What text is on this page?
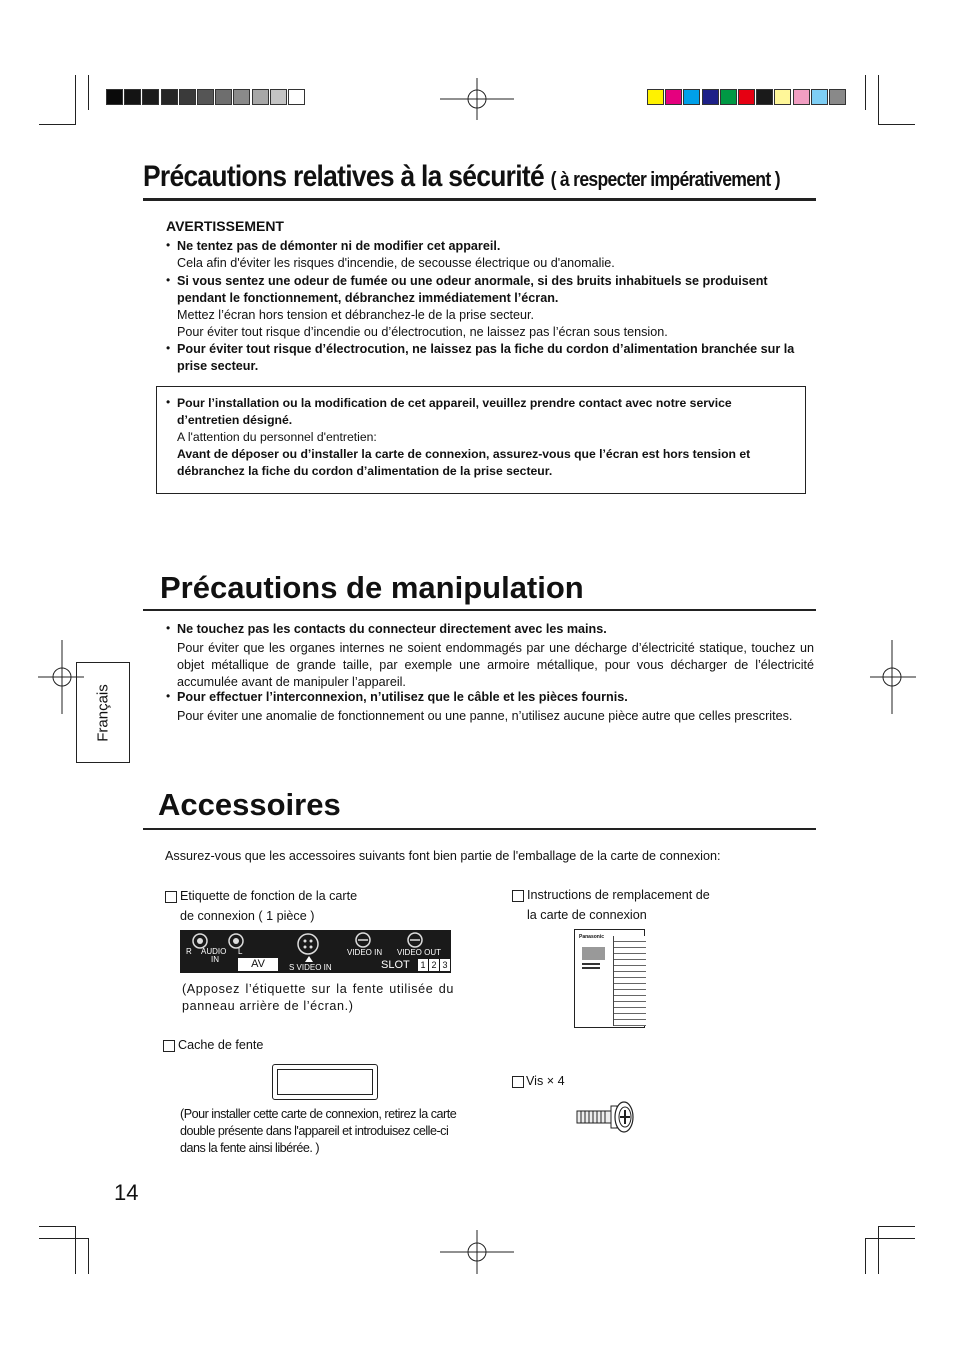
Précautions relatives à la sécurité ( à respecter impérativement )
AVERTISSEMENT
• Ne tentez pas de démonter ni de modifier cet appareil.
Cela afin d'éviter les risques d'incendie, de secousse électrique ou d'anomalie.
• Si vous sentez une odeur de fumée ou une odeur anormale, si des bruits inhabituels se produisent pendant le fonctionnement, débranchez immédiatement l’écran.
Mettez l’écran hors tension et débranchez-le de la prise secteur.
Pour éviter tout risque d’incendie ou d’électrocution, ne laissez pas l’écran sous tension.
• Pour éviter tout risque d’électrocution, ne laissez pas la fiche du cordon d’alimentation branchée sur la prise secteur.
• Pour l’installation ou la modification de cet appareil, veuillez prendre contact avec notre service d’entretien désigné.
A l'attention du personnel d'entretien:
Avant de déposer ou d’installer la carte de connexion, assurez-vous que l’écran est hors tension et débranchez la fiche du cordon d’alimentation de la prise secteur.
Français
Précautions de manipulation
• Ne touchez pas les contacts du connecteur directement avec les mains.
Pour éviter que les organes internes ne soient endommagés par une décharge d’électricité statique, touchez un objet métallique de grande taille, par exemple une armoire métallique, pour vous décharger de l’électricité accumulée avant de manipuler l’appareil.
• Pour effectuer l’interconnexion, n’utilisez que le câble et les pièces fournis.
Pour éviter une anomalie de fonctionnement ou une panne, n’utilisez aucune pièce autre que celles prescrites.
Accessoires
Assurez-vous que les accessoires suivants font bien partie de l'emballage de la carte de connexion:
Etiquette de fonction de la carte
de connexion ( 1 pièce )
R AUDIO L
IN	AV	S VIDEO IN
VIDEO IN VIDEO OUT
SLOT 1 2 3
(Apposez l’étiquette sur la fente utilisée du panneau arrière de l’écran.)
Instructions de remplacement de
la carte de connexion
Panasonic
Cache de fente
(Pour installer cette carte de connexion, retirez la carte double présente dans l'appareil et introduisez celle-ci dans la fente ainsi libérée. )
Vis × 4
14
